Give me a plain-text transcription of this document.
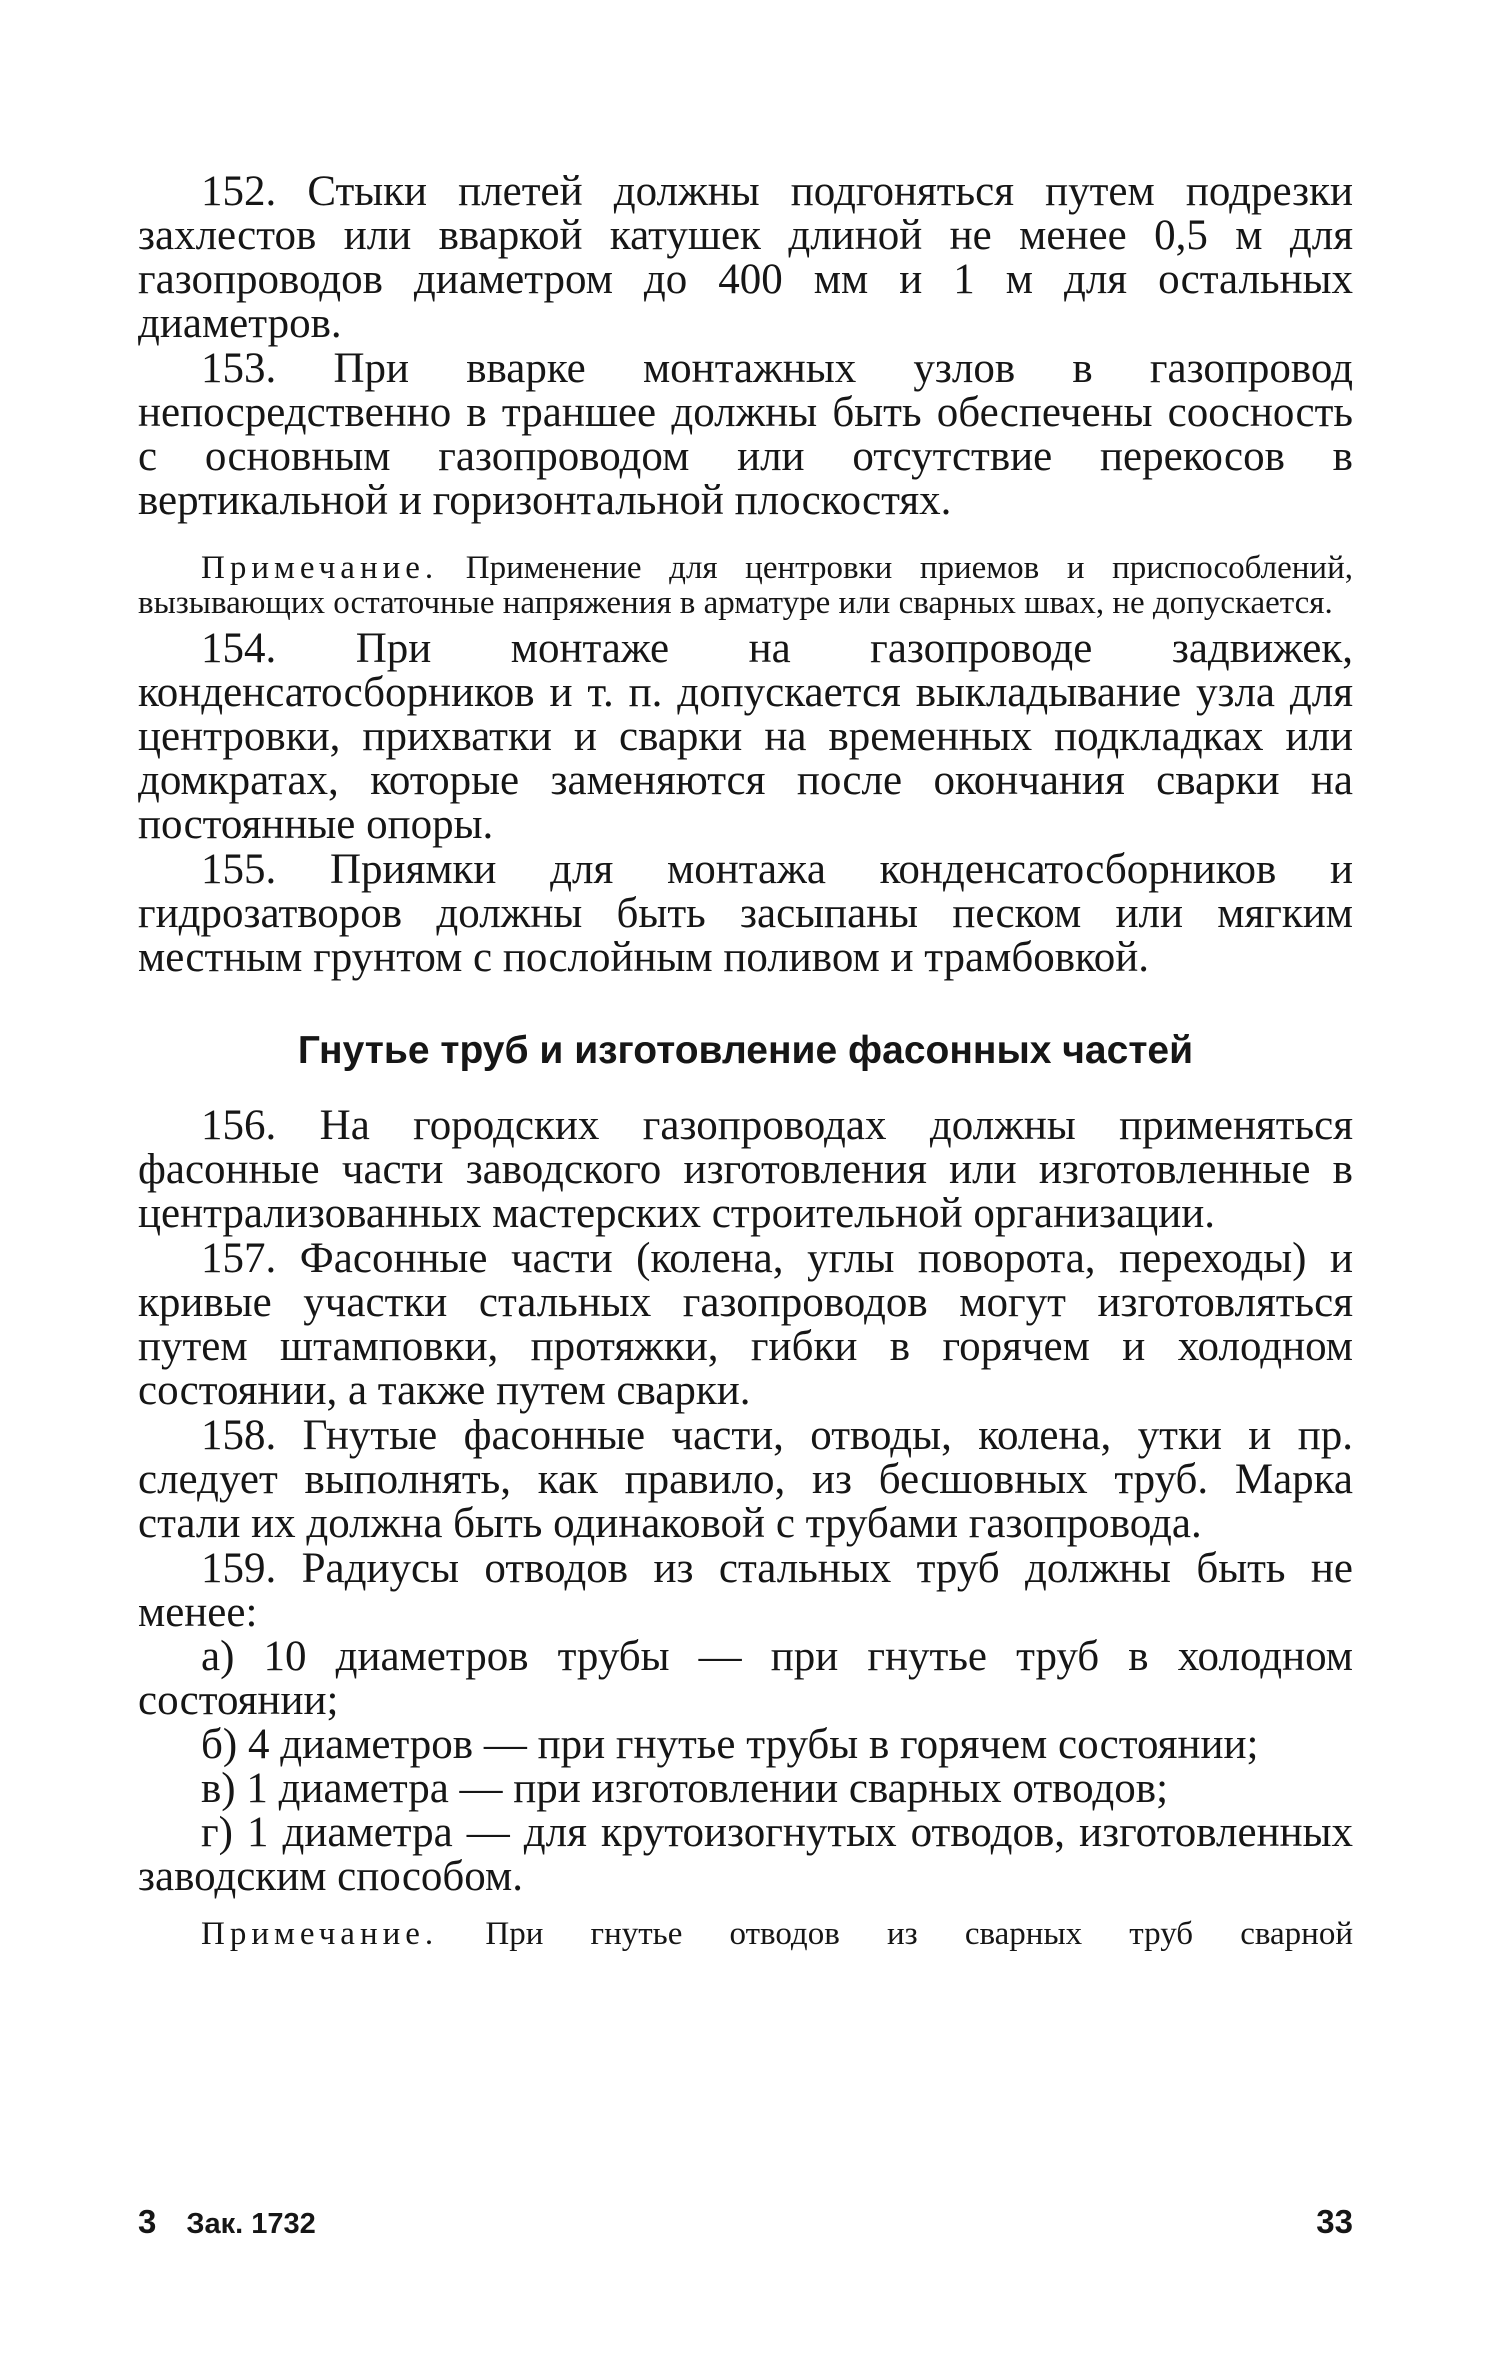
152. Стыки плетей должны подгоняться путем подрезки захлестов или вваркой катушек длиной не менее 0,5 м для газопроводов диаметром до 400 мм и 1 м для остальных диаметров.

153. При вварке монтажных узлов в газопровод непосредственно в траншее должны быть обеспечены соосность с основным газопроводом или отсутствие перекосов в вертикальной и горизонтальной плоскостях.

Примечание. Применение для центровки приемов и приспособлений, вызывающих остаточные напряжения в арматуре или сварных швах, не допускается.

154. При монтаже на газопроводе задвижек, конденсатосборников и т. п. допускается выкладывание узла для центровки, прихватки и сварки на временных подкладках или домкратах, которые заменяются после окончания сварки на постоянные опоры.

155. Приямки для монтажа конденсатосборников и гидрозатворов должны быть засыпаны песком или мягким местным грунтом с послойным поливом и трамбовкой.

Гнутье труб и изготовление фасонных частей

156. На городских газопроводах должны применяться фасонные части заводского изготовления или изготовленные в централизованных мастерских строительной организации.

157. Фасонные части (колена, углы поворота, переходы) и кривые участки стальных газопроводов могут изготовляться путем штамповки, протяжки, гибки в горячем и холодном состоянии, а также путем сварки.

158. Гнутые фасонные части, отводы, колена, утки и пр. следует выполнять, как правило, из бесшовных труб. Марка стали их должна быть одинаковой с трубами газопровода.

159. Радиусы отводов из стальных труб должны быть не менее:

а) 10 диаметров трубы — при гнутье труб в холодном состоянии;

б) 4 диаметров — при гнутье трубы в горячем состоянии;

в) 1 диаметра — при изготовлении сварных отводов;

г) 1 диаметра — для крутоизогнутых отводов, изготовленных заводским способом.

Примечание. При гнутье отводов из сварных труб сварной

3 Зак. 1732	33
